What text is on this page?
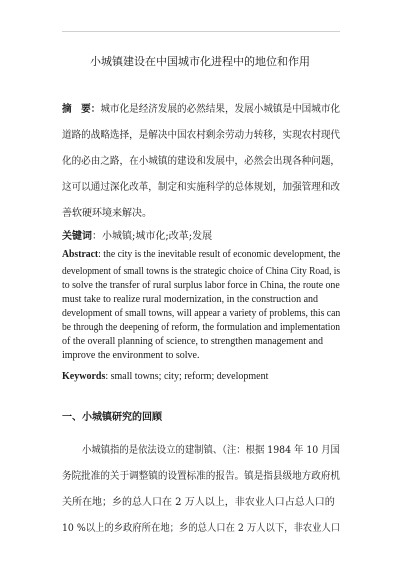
小城镇建设在中国城市化进程中的地位和作用
摘　要：城市化是经济发展的必然结果，发展小城镇是中国城市化
道路的战略选择，是解决中国农村剩余劳动力转移，实现农村现代
化的必由之路，在小城镇的建设和发展中，必然会出现各种问题，
这可以通过深化改革，制定和实施科学的总体规划，加强管理和改
善软硬环境来解决。
关键词：小城镇;城市化;改革;发展
Abstract: the city is the inevitable result of economic development, the
development of small towns is the strategic choice of China City Road, is
to solve the transfer of rural surplus labor force in China, the route one
must take to realize rural modernization, in the construction and
development of small towns, will appear a variety of problems, this can
be through the deepening of reform, the formulation and implementation
of the overall planning of science, to strengthen management and
improve the environment to solve.
Keywords: small towns; city; reform; development
一、小城镇研究的回顾
小城镇指的是依法设立的建制镇、（注：根据 1984 年 10 月国
务院批准的关于调整镇的设置标准的报告。镇是指县级地方政府机
关所在地；乡的总人口在 2 万人以上，非农业人口占总人口的
10 %以上的乡政府所在地；乡的总人口在 2 万人以下，非农业人口
